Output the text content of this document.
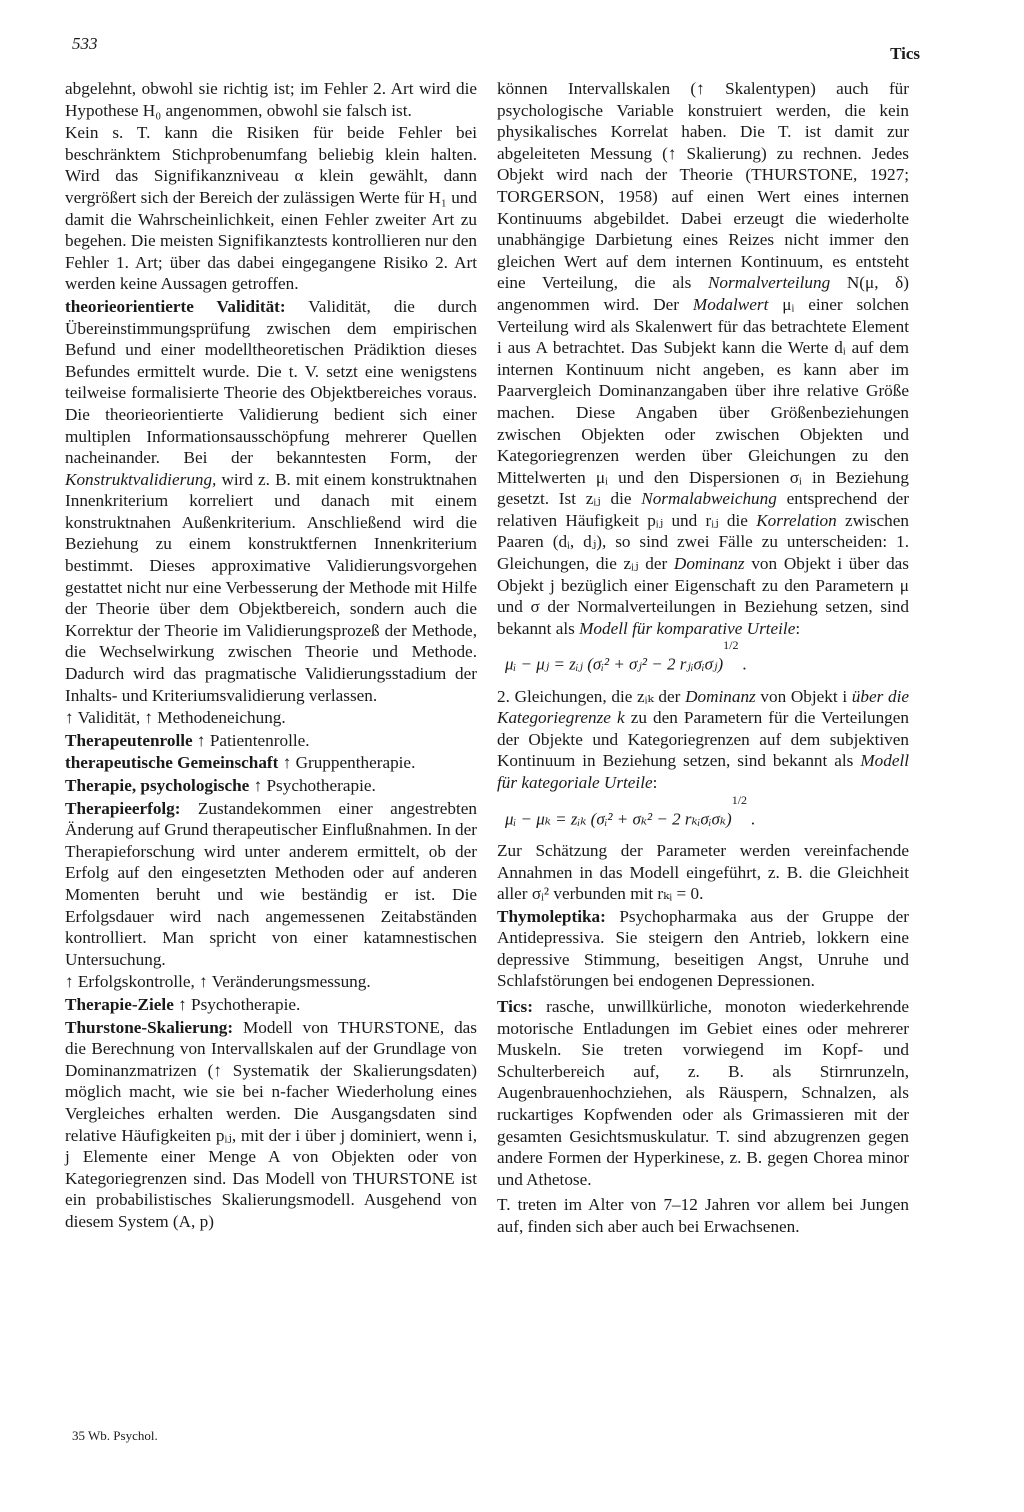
533
Tics

abgelehnt, obwohl sie richtig ist; im Fehler 2. Art wird die Hypothese H₀ angenommen, obwohl sie falsch ist.

Kein s. T. kann die Risiken für beide Fehler bei beschränktem Stichprobenumfang beliebig klein halten. Wird das Signifikanzniveau α klein gewählt, dann vergrößert sich der Bereich der zulässigen Werte für H₁ und damit die Wahrscheinlichkeit, einen Fehler zweiter Art zu begehen. Die meisten Signifikanztests kontrollieren nur den Fehler 1. Art; über das dabei eingegangene Risiko 2. Art werden keine Aussagen getroffen.

theorieorientierte Validität: Validität, die durch Übereinstimmungsprüfung zwischen dem empirischen Befund und einer modelltheoretischen Prädiktion dieses Befundes ermittelt wurde. Die t. V. setzt eine wenigstens teilweise formalisierte Theorie des Objektbereiches voraus. Die theorieorientierte Validierung bedient sich einer multiplen Informationsausschöpfung mehrerer Quellen nacheinander. Bei der bekanntesten Form, der Konstruktvalidierung, wird z. B. mit einem konstruktnahen Innenkriterium korreliert und danach mit einem konstruktnahen Außenkriterium. Anschließend wird die Beziehung zu einem konstruktfernen Innenkriterium bestimmt. Dieses approximative Validierungsvorgehen gestattet nicht nur eine Verbesserung der Methode mit Hilfe der Theorie über dem Objektbereich, sondern auch die Korrektur der Theorie im Validierungsprozeß der Methode, die Wechselwirkung zwischen Theorie und Methode. Dadurch wird das pragmatische Validierungsstadium der Inhalts- und Kriteriumsvalidierung verlassen.

↑ Validität, ↑ Methodeneichung.

Therapeutenrolle ↑ Patientenrolle.

therapeutische Gemeinschaft ↑ Gruppentherapie.

Therapie, psychologische ↑ Psychotherapie.

Therapieerfolg: Zustandekommen einer angestrebten Änderung auf Grund therapeutischer Einflußnahmen. In der Therapieforschung wird unter anderem ermittelt, ob der Erfolg auf den eingesetzten Methoden oder auf anderen Momenten beruht und wie beständig er ist. Die Erfolgsdauer wird nach angemessenen Zeitabständen kontrolliert. Man spricht von einer katamnestischen Untersuchung.

↑ Erfolgskontrolle, ↑ Veränderungsmessung.

Therapie-Ziele ↑ Psychotherapie.

Thurstone-Skalierung: Modell von THURSTONE, das die Berechnung von Intervallskalen auf der Grundlage von Dominanzmatrizen (↑ Systematik der Skalierungsdaten) möglich macht, wie sie bei n-facher Wiederholung eines Vergleiches erhalten werden. Die Ausgangsdaten sind relative Häufigkeiten pᵢⱼ, mit der i über j dominiert, wenn i, j Elemente einer Menge A von Objekten oder von Kategoriegrenzen sind. Das Modell von THURSTONE ist ein probabilistisches Skalierungsmodell. Ausgehend von diesem System (A, p)

können Intervallskalen (↑ Skalentypen) auch für psychologische Variable konstruiert werden, die kein physikalisches Korrelat haben. Die T. ist damit zur abgeleiteten Messung (↑ Skalierung) zu rechnen. Jedes Objekt wird nach der Theorie (THURSTONE, 1927; TORGERSON, 1958) auf einen Wert eines internen Kontinuums abgebildet. Dabei erzeugt die wiederholte unabhängige Darbietung eines Reizes nicht immer den gleichen Wert auf dem internen Kontinuum, es entsteht eine Verteilung, die als Normalverteilung N(μ, δ) angenommen wird. Der Modalwert μᵢ einer solchen Verteilung wird als Skalenwert für das betrachtete Element i aus A betrachtet. Das Subjekt kann die Werte dᵢ auf dem internen Kontinuum nicht angeben, es kann aber im Paarvergleich Dominanzangaben über ihre relative Größe machen. Diese Angaben über Größenbeziehungen zwischen Objekten oder zwischen Objekten und Kategoriegrenzen werden über Gleichungen zu den Mittelwerten μᵢ und den Dispersionen σᵢ in Beziehung gesetzt. Ist zᵢⱼ die Normalabweichung entsprechend der relativen Häufigkeit pᵢⱼ und rᵢⱼ die Korrelation zwischen Paaren (dᵢ, dⱼ), so sind zwei Fälle zu unterscheiden: 1. Gleichungen, die zᵢⱼ der Dominanz von Objekt i über das Objekt j bezüglich einer Eigenschaft zu den Parametern μ und σ der Normalverteilungen in Beziehung setzen, sind bekannt als Modell für komparative Urteile:

μᵢ − μⱼ = zᵢⱼ (σᵢ² + σⱼ² − 2 rⱼᵢσᵢσⱼ)$^{1/2}$ .

2. Gleichungen, die zᵢₖ der Dominanz von Objekt i über die Kategoriegrenze k zu den Parametern für die Verteilungen der Objekte und Kategoriegrenzen auf dem subjektiven Kontinuum in Beziehung setzen, sind bekannt als Modell für kategoriale Urteile:

μᵢ − μₖ = zᵢₖ (σᵢ² + σₖ² − 2 rₖᵢσᵢσₖ)$^{1/2}$ .

Zur Schätzung der Parameter werden vereinfachende Annahmen in das Modell eingeführt, z. B. die Gleichheit aller σᵢ² verbunden mit rₖᵢ = 0.

Thymoleptika: Psychopharmaka aus der Gruppe der Antidepressiva. Sie steigern den Antrieb, lokkern eine depressive Stimmung, beseitigen Angst, Unruhe und Schlafstörungen bei endogenen Depressionen.

Tics: rasche, unwillkürliche, monoton wiederkehrende motorische Entladungen im Gebiet eines oder mehrerer Muskeln. Sie treten vorwiegend im Kopf- und Schulterbereich auf, z. B. als Stirnrunzeln, Augenbrauenhochziehen, als Räuspern, Schnalzen, als ruckartiges Kopfwenden oder als Grimassieren mit der gesamten Gesichtsmuskulatur. T. sind abzugrenzen gegen andere Formen der Hyperkinese, z. B. gegen Chorea minor und Athetose.

T. treten im Alter von 7–12 Jahren vor allem bei Jungen auf, finden sich aber auch bei Erwachsenen.

35 Wb. Psychol.
